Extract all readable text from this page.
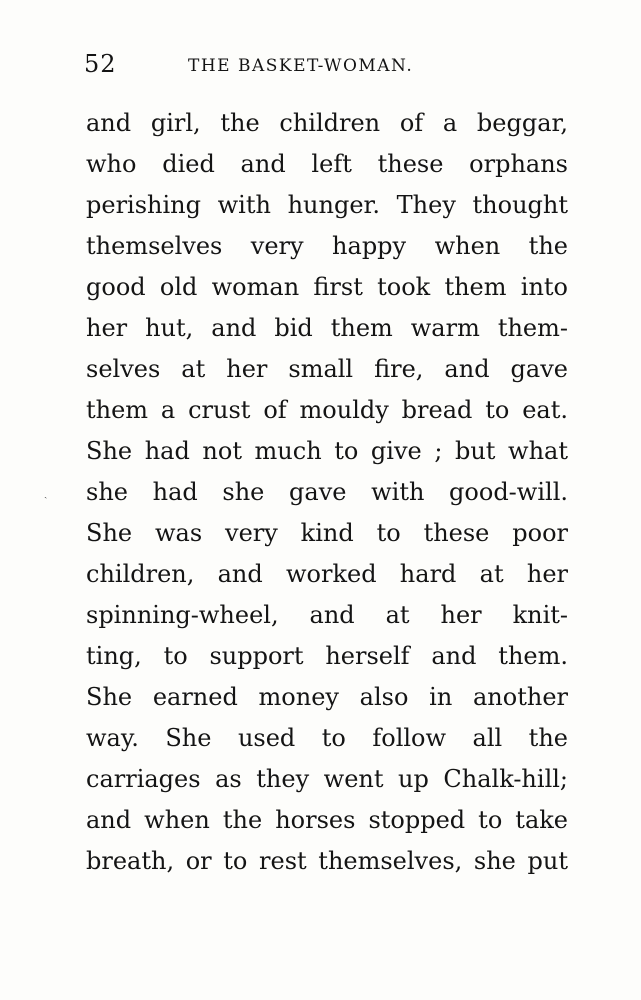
52	THE BASKET-WOMAN.
ˎ
and girl, the children of a beggar,
who died and left these orphans
perishing with hunger. They thought
themselves very happy when the
good old woman first took them into
her hut, and bid them warm them-
selves at her small fire, and gave
them a crust of mouldy bread to eat.
She had not much to give ; but what
she had she gave with good-will.
She was very kind to these poor
children, and worked hard at her
spinning-wheel, and at her knit-
ting, to support herself and them.
She earned money also in another
way. She used to follow all the
carriages as they went up Chalk-hill;
and when the horses stopped to take
breath, or to rest themselves, she put
